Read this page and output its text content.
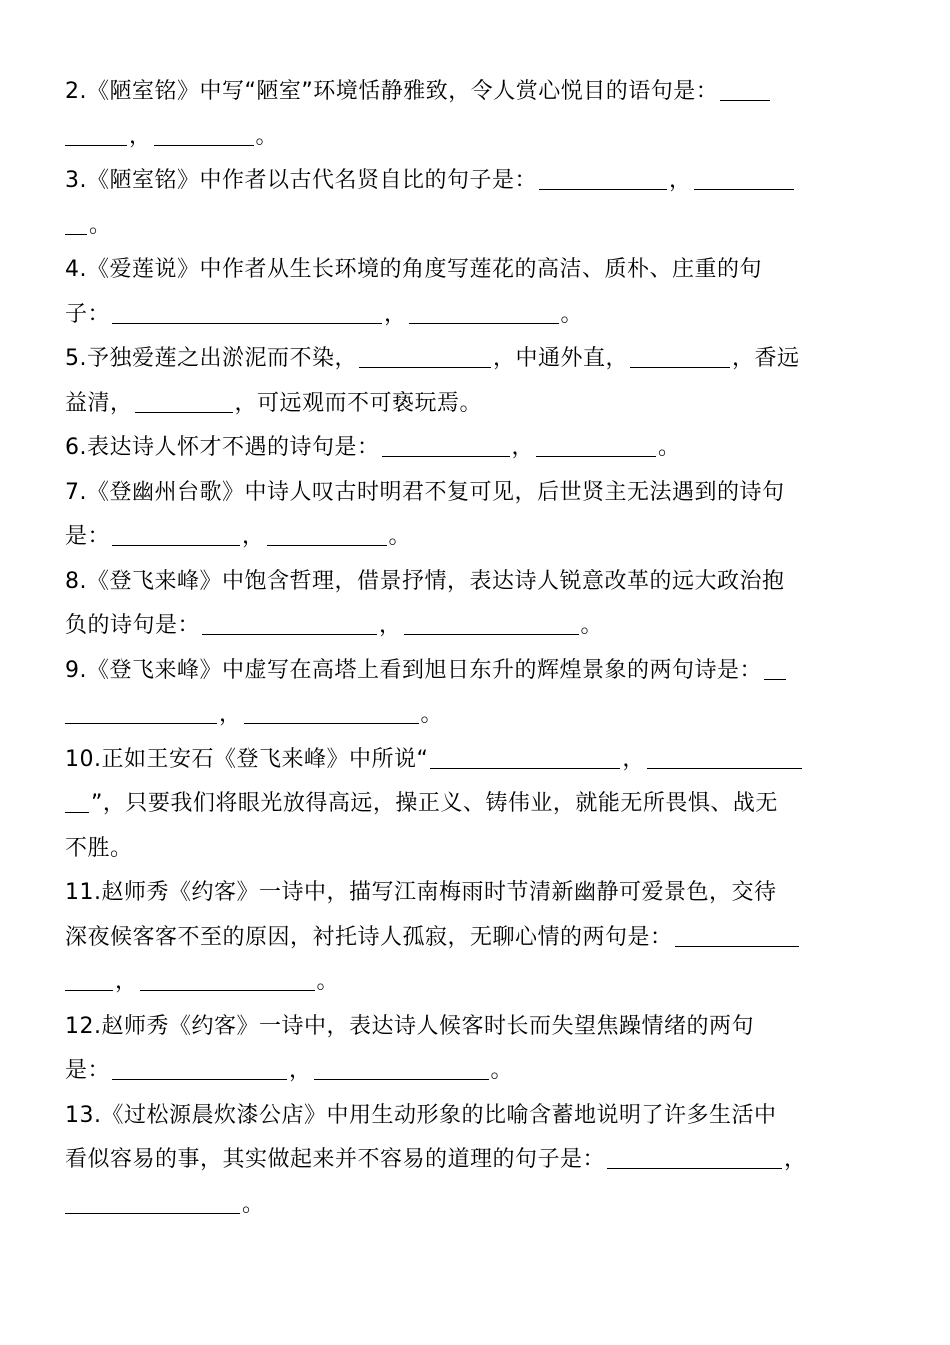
2.《陋室铭》中写“陋室”环境恬静雅致，令人赏心悦目的语句是：
，	。
3.《陋室铭》中作者以古代名贤自比的句子是：	，
。
4.《爱莲说》中作者从生长环境的角度写莲花的高洁、质朴、庄重的句
子：	，	。
5.予独爱莲之出淤泥而不染，	，中通外直，	，香远
益清，	，可远观而不可亵玩焉。
6.表达诗人怀才不遇的诗句是：	，	。
7.《登幽州台歌》中诗人叹古时明君不复可见，后世贤主无法遇到的诗句
是：	，	。
8.《登飞来峰》中饱含哲理，借景抒情，表达诗人锐意改革的远大政治抱
负的诗句是：	，	。
9.《登飞来峰》中虚写在高塔上看到旭日东升的辉煌景象的两句诗是：
，	。
10.正如王安石《登飞来峰》中所说“	，
”，只要我们将眼光放得高远，操正义、铸伟业，就能无所畏惧、战无
不胜。
11.赵师秀《约客》一诗中，描写江南梅雨时节清新幽静可爱景色，交待
深夜候客客不至的原因，衬托诗人孤寂，无聊心情的两句是：
，	。
12.赵师秀《约客》一诗中，表达诗人候客时长而失望焦躁情绪的两句
是：	，	。
13.《过松源晨炊漆公店》中用生动形象的比喻含蓄地说明了许多生活中
看似容易的事，其实做起来并不容易的道理的句子是：	，
。
